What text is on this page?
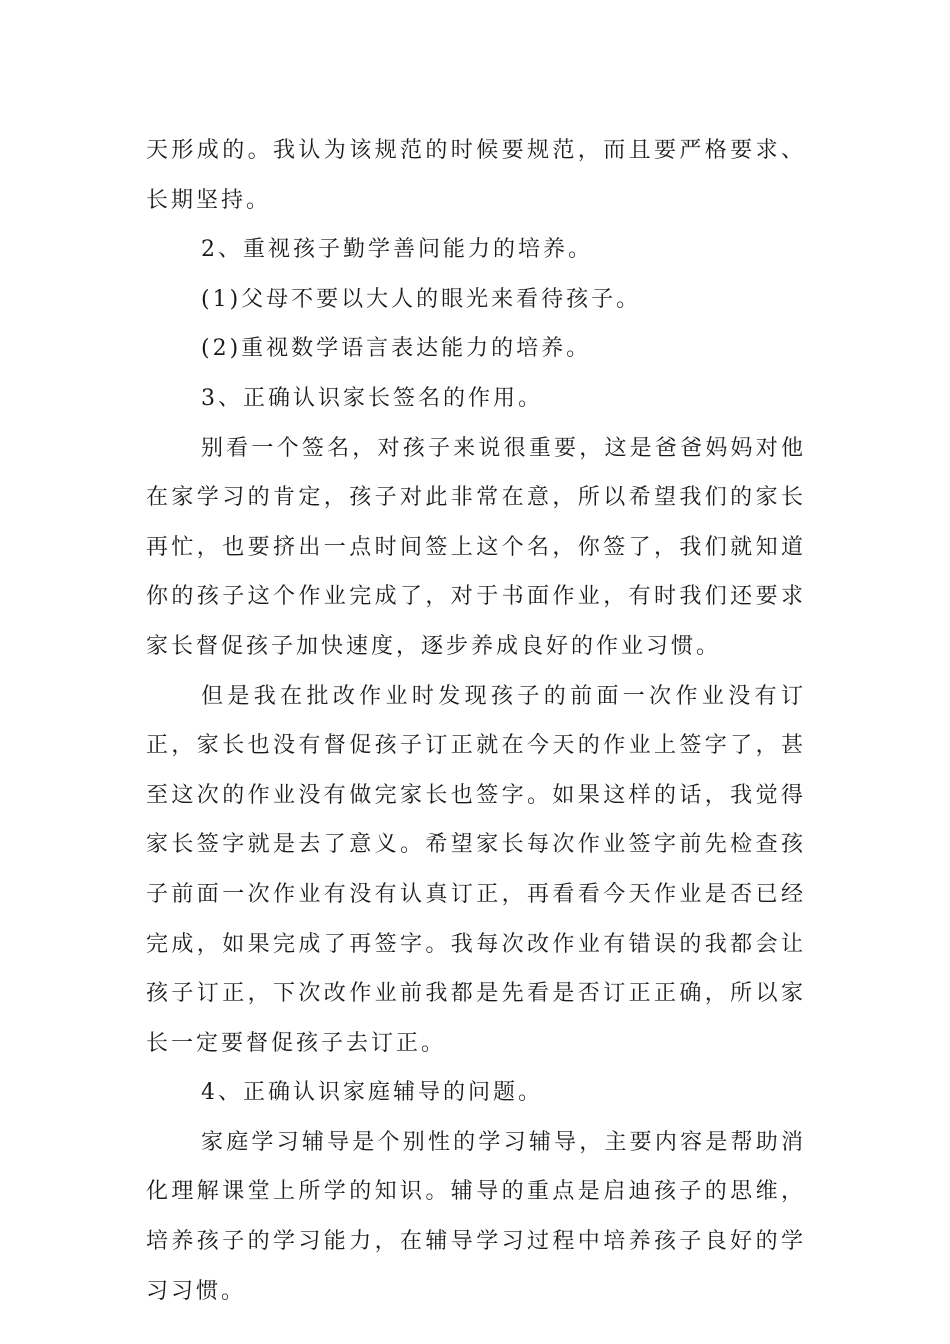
天形成的。我认为该规范的时候要规范，而且要严格要求、长期坚持。

2、重视孩子勤学善问能力的培养。

(1)父母不要以大人的眼光来看待孩子。

(2)重视数学语言表达能力的培养。

3、正确认识家长签名的作用。

别看一个签名，对孩子来说很重要，这是爸爸妈妈对他在家学习的肯定，孩子对此非常在意，所以希望我们的家长再忙，也要挤出一点时间签上这个名，你签了，我们就知道你的孩子这个作业完成了，对于书面作业，有时我们还要求家长督促孩子加快速度，逐步养成良好的作业习惯。

但是我在批改作业时发现孩子的前面一次作业没有订正，家长也没有督促孩子订正就在今天的作业上签字了，甚至这次的作业没有做完家长也签字。如果这样的话，我觉得家长签字就是去了意义。希望家长每次作业签字前先检查孩子前面一次作业有没有认真订正，再看看今天作业是否已经完成，如果完成了再签字。我每次改作业有错误的我都会让孩子订正，下次改作业前我都是先看是否订正正确，所以家长一定要督促孩子去订正。

4、正确认识家庭辅导的问题。

家庭学习辅导是个别性的学习辅导，主要内容是帮助消化理解课堂上所学的知识。辅导的重点是启迪孩子的思维，培养孩子的学习能力，在辅导学习过程中培养孩子良好的学习习惯。
